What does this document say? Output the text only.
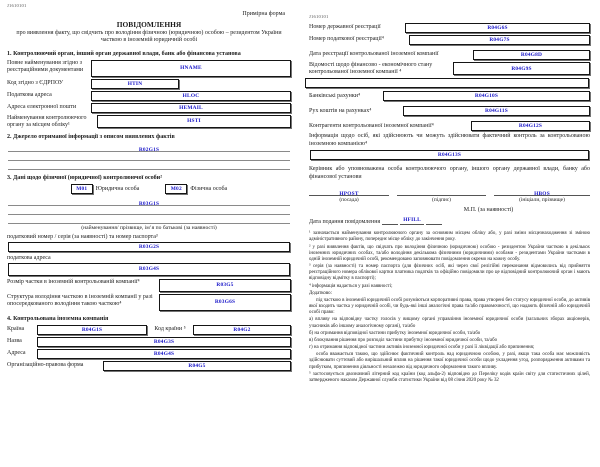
J1610101
Примірна форма
ПОВІДОМЛЕННЯ
про виявлення факту, що свідчить про володіння фізичною (юридичною) особою – резидентом України часткою в іноземній юридичній особі
1. Контролюючий орган, інший орган державної влади, банк або фінансова установа
Повне найменування згідно з реєстраційними документами	HNAME
Код згідно з ЄДРПОУ	HTIN
Податкова адреса	HLOC
Адреса електронної пошти	HEMAIL
Найменування контролюючого органу за місцем обліку¹
HSTI
2. Джерело отриманої інформації з описом виявлених фактів
R02G1S
3. Дані щодо фізичної (юридичної) контролюючої особи²
М01 Юридична особа	М02 Фізична особа
R03G1S
(найменування/ прізвище, ім’я по батькові (за наявності)
податковий номер / серія (за наявності) та номер паспорта³
R03G2S
податкова адреса
R03G4S
Розмір частки в іноземній контрольованій компанії⁴
R03G5
Структура володіння часткою в іноземній компанії у разі опосередкованого володіння такою часткою⁴	R03G6S
4. Контрольована іноземна компанія
Країна	R04G1S	Код країни ⁵	R04G2
Назва	R04G3S
Адреса	R04G4S
Організаційно-правова форма	R04G5
J1610101
Номер державної реєстрації	R04G6S
Номер податкової реєстрації⁴	R04G7S
Дата реєстрації контрольованої іноземної компанії	R04G8D
Відомості щодо фінансово - економічного стану контрольованої іноземної компанії ⁴
R04G9S
Банківські рахунки⁴	R04G10S
Рух коштів на рахунках⁴	R04G11S
Контрагенти контрольованої іноземної компанії⁴	R04G12S
Інформація щодо осіб, які здійснюють чи можуть здійснювати фактичний контроль за контрольованою іноземною компанією⁴
R04G13S
Керівник або уповноважена особа контролюючого органу, іншого органу державної влади, банку або фінансової установи
HPOST
(посада)	(підпис)
HBOS
(ініціали, прізвище)
М.П. (за наявності)
Дата подання повідомлення	HFILL

¹ зазначається найменування контролюючого органу за основним місцем обліку або, у разі зміни місцезнаходження зі зміною адміністративного району, попереднє місце обліку до закінчення року.

² у разі виявлення фактів, що свідчать про володіння фізичною (юридичною) особою - резидентом України часткою в декількох іноземних юридичних особах, та/або володіння декількома фізичними (юридичними) особами - резидентами України частками в одній іноземній юридичній особі, рекомендовано заповнювати повідомлення окремо на кожну особу.

³ серія (за наявності) та номер паспорта (для фізичних осіб, які через свої релігійні переконання відмовились від прийняття реєстраційного номера облікової картки платника податків та офіційно повідомили про це відповідний контролюючий орган і мають відповідну відмітку в паспорті);

⁴ інформація надається у разі наявності;

Додатково:

під часткою в іноземній юридичній особі розуміються корпоративні права, права утворені без статусу юридичної особи, до активів якої входить частка у юридичній особі, чи будь-які інші аналогічні права та/або правомочності, що надають фізичній або юридичній особі право:

а) впливу на відповідну частку голосів у вищому органі управління іноземної юридичної особи (загальних зборах акціонерів, учасників або іншому аналогічному органі), та/або

б) на отримання відповідної частини прибутку іноземної юридичної особи, та/або

в) блокування рішення про розподіл частини прибутку іноземної юридичної особи, та/або

г) на отримання відповідної частини активів іноземної юридичної особи у разі її ліквідації або припинення;

особа вважається такою, що здійснює фактичний контроль над юридичною особою, у разі, якщо така особа має можливість здійснювати суттєвий або вирішальний вплив на рішення такої юридичної особи щодо укладення угод, розпорядження активами та прибутком, припинення діяльності незалежно від юридичного оформлення такого впливу.

⁵ застосовується двозначний літерний код країни (код альфа-2) відповідно до Переліку кодів країн світу для статистичних цілей, затвердженого наказом Державної служби статистики України від 08 січня 2020 року № 32
